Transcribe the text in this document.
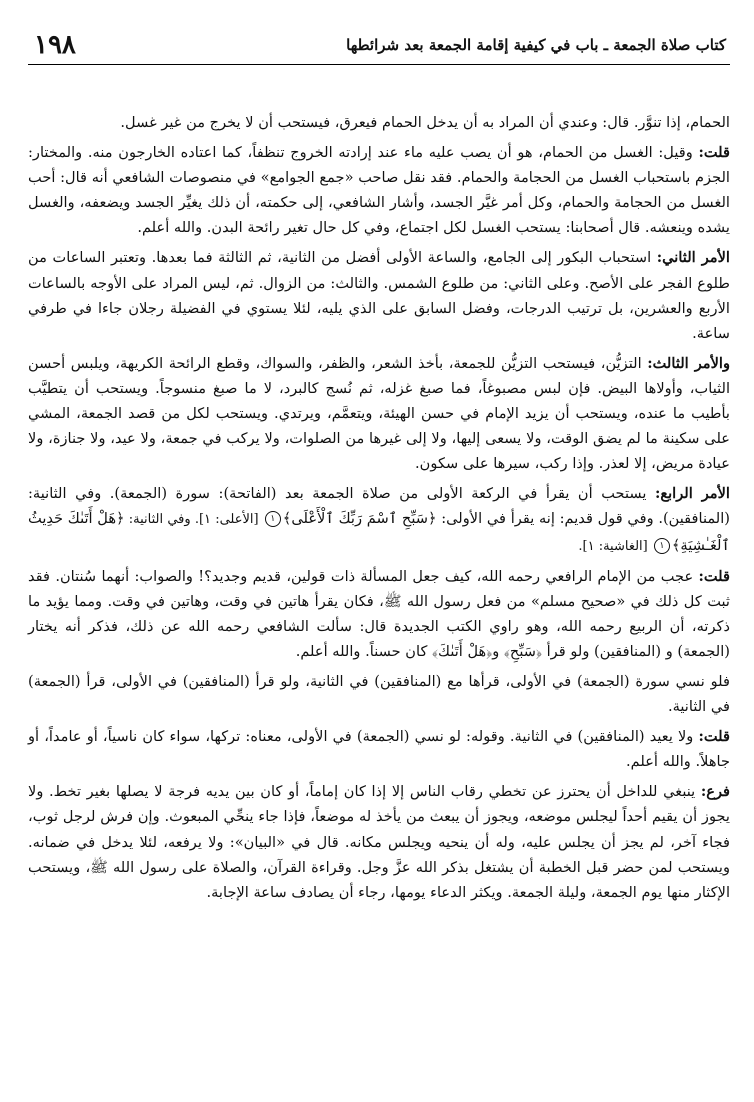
١٩٨	كتاب صلاة الجمعة ـ باب في كيفية إقامة الجمعة بعد شرائطها

الحمام، إذا تنوَّر. قال: وعندي أن المراد به أن يدخل الحمام فيعرق، فيستحب أن لا يخرج من غير غسل.

قلت: وقيل: الغسل من الحمام، هو أن يصب عليه ماء عند إرادته الخروج تنظفاً، كما اعتاده الخارجون منه. والمختار: الجزم باستحباب الغسل من الحجامة والحمام. فقد نقل صاحب «جمع الجوامع» في منصوصات الشافعي أنه قال: أحب الغسل من الحجامة والحمام، وكل أمر غيَّر الجسد، وأشار الشافعي، إلى حكمته، أن ذلك يغيِّر الجسد ويضعفه، والغسل يشده وينعشه. قال أصحابنا: يستحب الغسل لكل اجتماع، وفي كل حال تغير رائحة البدن. والله أعلم.

الأمر الثاني: استحباب البكور إلى الجامع، والساعة الأولى أفضل من الثانية، ثم الثالثة فما بعدها. وتعتبر الساعات من طلوع الفجر على الأصح. وعلى الثاني: من طلوع الشمس. والثالث: من الزوال. ثم، ليس المراد على الأوجه بالساعات الأربع والعشرين، بل ترتيب الدرجات، وفضل السابق على الذي يليه، لئلا يستوي في الفضيلة رجلان جاءا في طرفي ساعة.

والأمر الثالث: التزيُّن، فيستحب التزيُّن للجمعة، بأخذ الشعر، والظفر، والسواك، وقطع الرائحة الكريهة، ويلبس أحسن الثياب، وأولاها البيض. فإن لبس مصبوغاً، فما صبغ غزله، ثم نُسج كالبرد، لا ما صبغ منسوجاً. ويستحب أن يتطيَّب بأطيب ما عنده، ويستحب أن يزيد الإمام في حسن الهيئة، ويتعمَّم، ويرتدي. ويستحب لكل من قصد الجمعة، المشي على سكينة ما لم يضق الوقت، ولا يسعى إليها، ولا إلى غيرها من الصلوات، ولا يركب في جمعة، ولا عيد، ولا جنازة، ولا عيادة مريض، إلا لعذر. وإذا ركب، سيرها على سكون.

الأمر الرابع: يستحب أن يقرأ في الركعة الأولى من صلاة الجمعة بعد (الفاتحة): سورة (الجمعة). وفي الثانية: (المنافقين). وفي قول قديم: إنه يقرأ في الأولى: ﴿سَبِّحِ ٱسْمَ رَبِّكَ ٱلْأَعْلَى﴾١ [الأعلى: ١]. وفي الثانية: ﴿هَلْ أَتَىٰكَ حَدِيثُ ٱلْغَـٰشِيَةِ﴾١ [الغاشية: ١].

قلت: عجب من الإمام الرافعي رحمه الله، كيف جعل المسألة ذات قولين، قديم وجديد؟! والصواب: أنهما سُنتان. فقد ثبت كل ذلك في «صحيح مسلم» من فعل رسول الله ﷺ، فكان يقرأ هاتين في وقت، وهاتين في وقت. ومما يؤيد ما ذكرته، أن الربيع رحمه الله، وهو راوي الكتب الجديدة قال: سألت الشافعي رحمه الله عن ذلك، فذكر أنه يختار (الجمعة) و (المنافقين) ولو قرأ ﴿سَبِّحِ﴾ و﴿هَلْ أَتَىٰكَ﴾ كان حسناً. والله أعلم.

فلو نسي سورة (الجمعة) في الأولى، قرأها مع (المنافقين) في الثانية، ولو قرأ (المنافقين) في الأولى، قرأ (الجمعة) في الثانية.

قلت: ولا يعيد (المنافقين) في الثانية. وقوله: لو نسي (الجمعة) في الأولى، معناه: تركها، سواء كان ناسياً، أو عامداً، أو جاهلاً. والله أعلم.

فرع: ينبغي للداخل أن يحترز عن تخطي رقاب الناس إلا إذا كان إماماً، أو كان بين يديه فرجة لا يصلها بغير تخط. ولا يجوز أن يقيم أحداً ليجلس موضعه، ويجوز أن يبعث من يأخذ له موضعاً، فإذا جاء ينحِّي المبعوث. وإن فرش لرجل ثوب، فجاء آخر، لم يجز أن يجلس عليه، وله أن ينحيه ويجلس مكانه. قال في «البيان»: ولا يرفعه، لئلا يدخل في ضمانه. ويستحب لمن حضر قبل الخطبة أن يشتغل بذكر الله عزَّ وجل. وقراءة القرآن، والصلاة على رسول الله ﷺ، ويستحب الإكثار منها يوم الجمعة، وليلة الجمعة. ويكثر الدعاء يومها، رجاء أن يصادف ساعة الإجابة.
